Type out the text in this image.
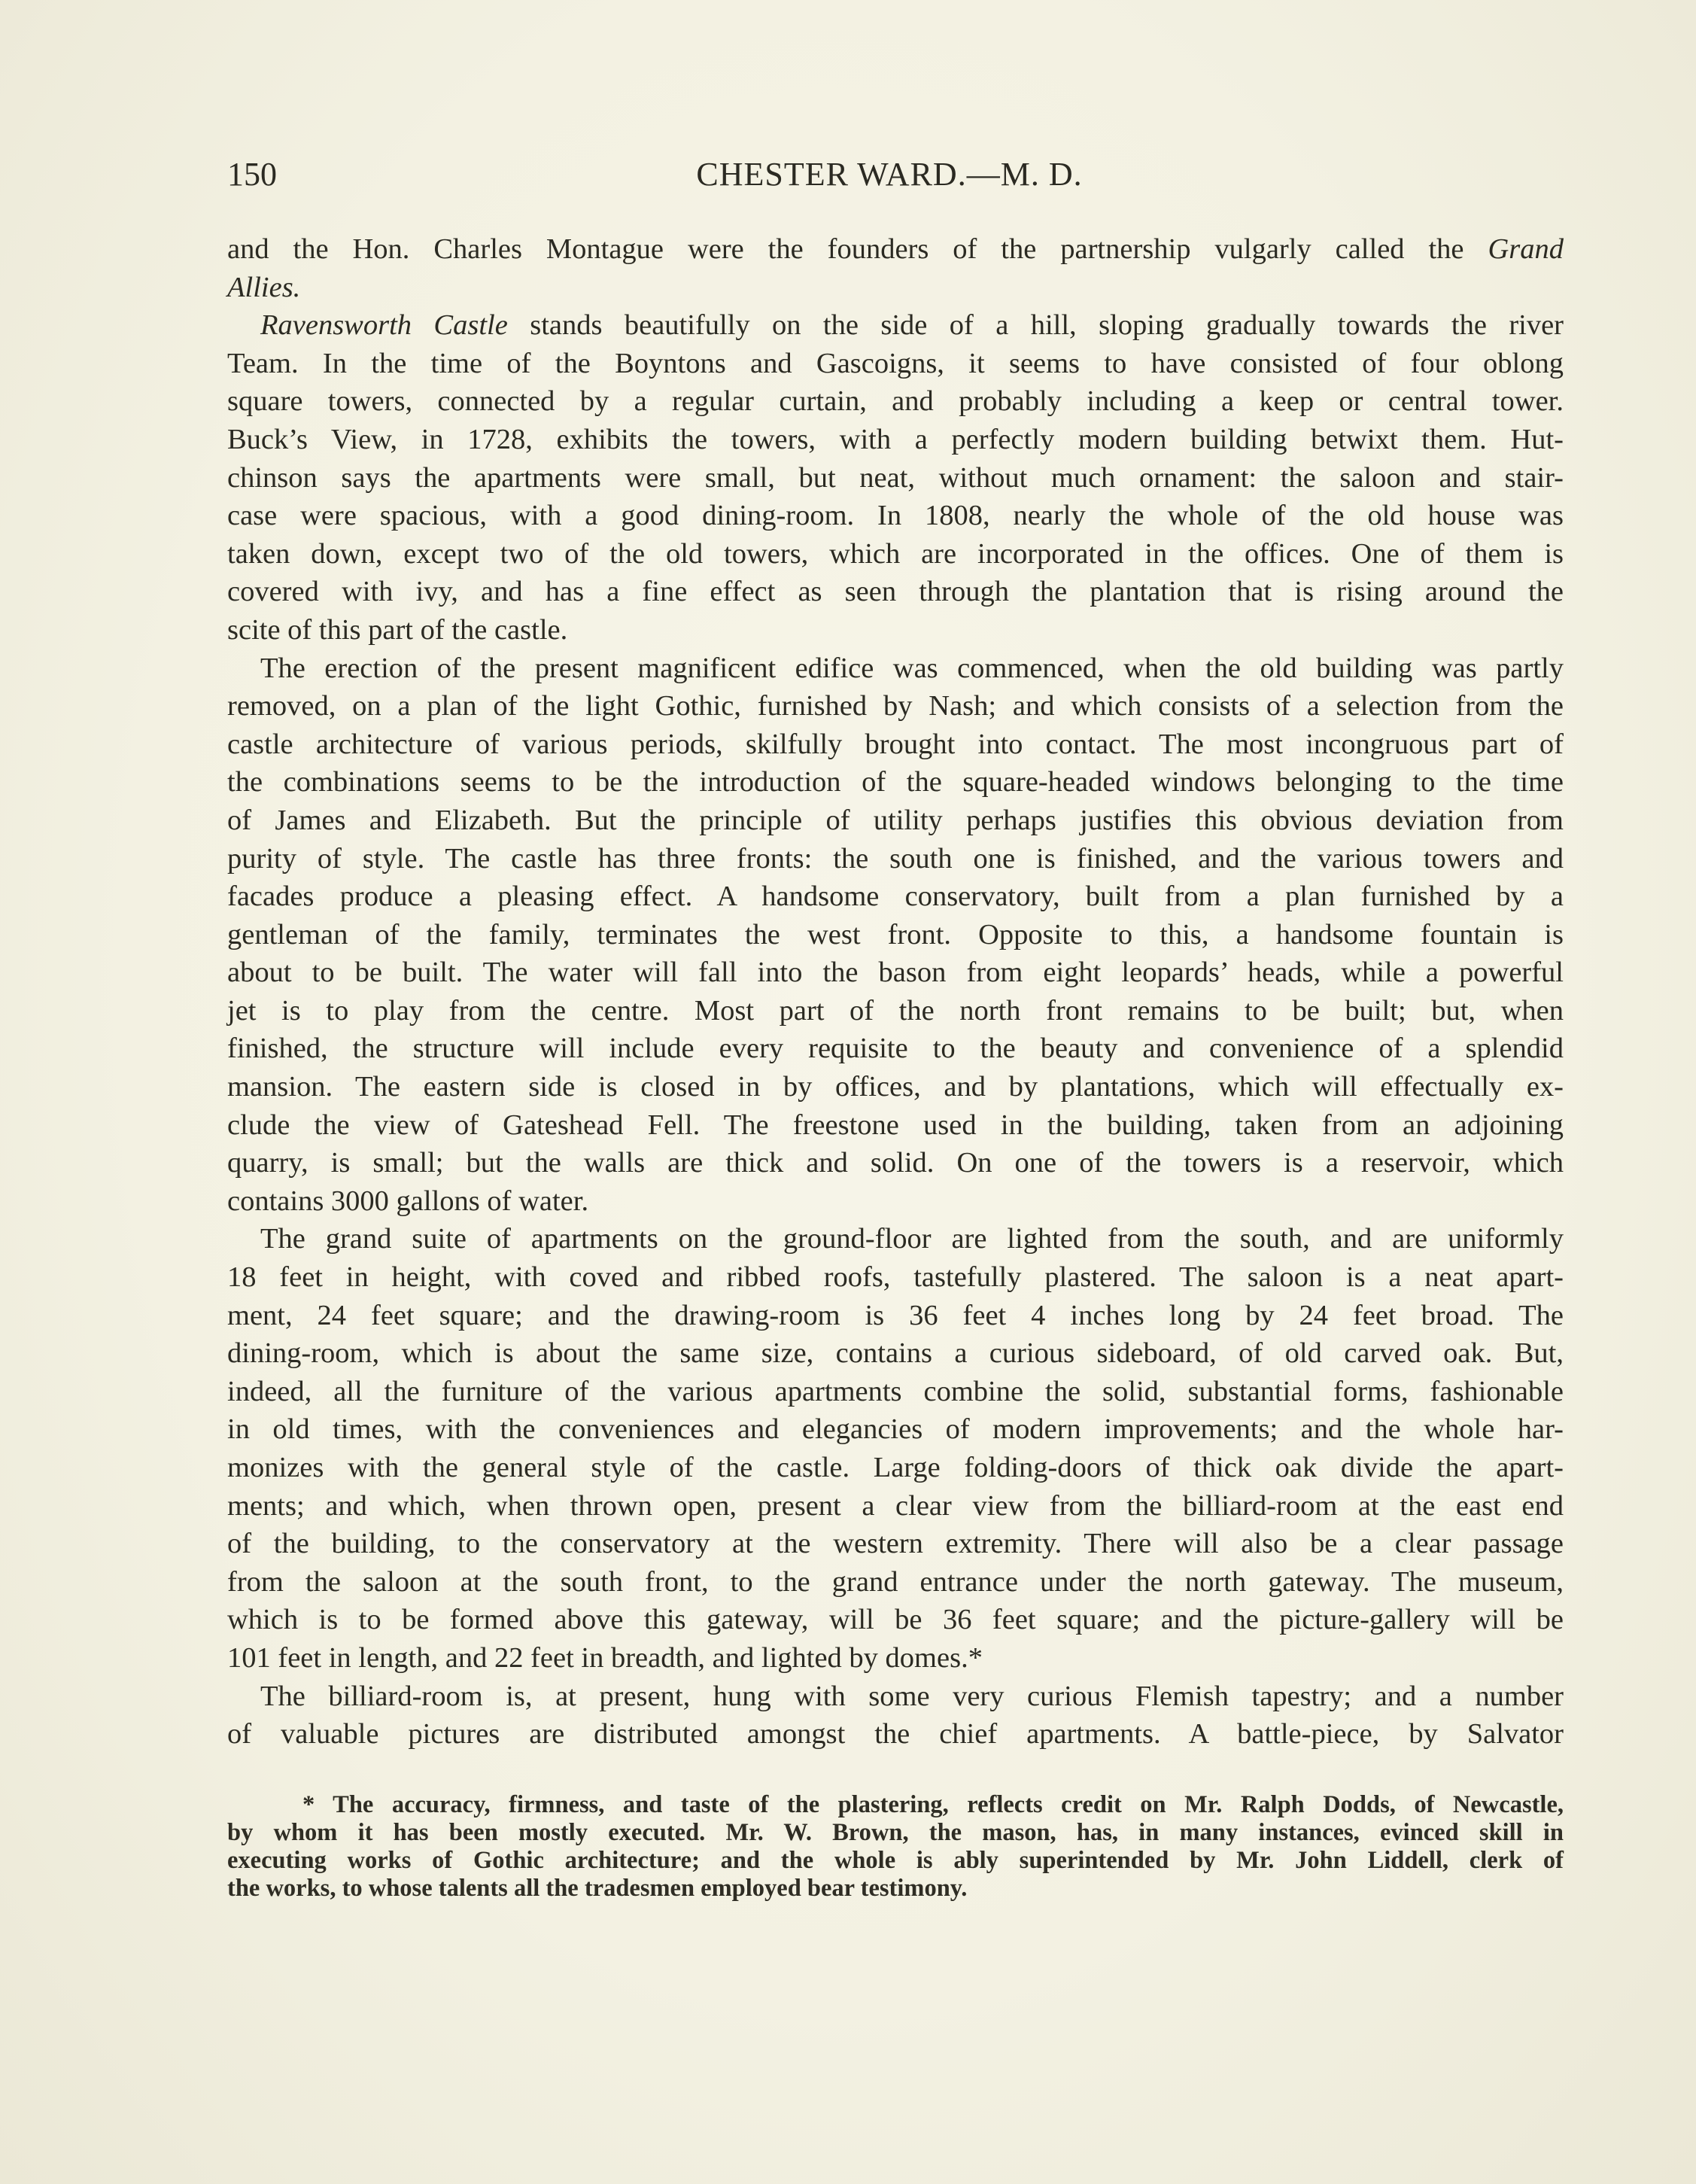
150	CHESTER WARD.—M. D.
and the Hon. Charles Montague were the founders of the partnership vulgarly called the Grand
Allies.
Ravensworth Castle stands beautifully on the side of a hill, sloping gradually towards the river
Team. In the time of the Boyntons and Gascoigns, it seems to have consisted of four oblong
square towers, connected by a regular curtain, and probably including a keep or central tower.
Buck’s View, in 1728, exhibits the towers, with a perfectly modern building betwixt them. Hut-
chinson says the apartments were small, but neat, without much ornament: the saloon and stair-
case were spacious, with a good dining-room. In 1808, nearly the whole of the old house was
taken down, except two of the old towers, which are incorporated in the offices. One of them is
covered with ivy, and has a fine effect as seen through the plantation that is rising around the
scite of this part of the castle.
The erection of the present magnificent edifice was commenced, when the old building was partly
removed, on a plan of the light Gothic, furnished by Nash; and which consists of a selection from the
castle architecture of various periods, skilfully brought into contact. The most incongruous part of
the combinations seems to be the introduction of the square-headed windows belonging to the time
of James and Elizabeth. But the principle of utility perhaps justifies this obvious deviation from
purity of style. The castle has three fronts: the south one is finished, and the various towers and
facades produce a pleasing effect. A handsome conservatory, built from a plan furnished by a
gentleman of the family, terminates the west front. Opposite to this, a handsome fountain is
about to be built. The water will fall into the bason from eight leopards’ heads, while a powerful
jet is to play from the centre. Most part of the north front remains to be built; but, when
finished, the structure will include every requisite to the beauty and convenience of a splendid
mansion. The eastern side is closed in by offices, and by plantations, which will effectually ex-
clude the view of Gateshead Fell. The freestone used in the building, taken from an adjoining
quarry, is small; but the walls are thick and solid. On one of the towers is a reservoir, which
contains 3000 gallons of water.
The grand suite of apartments on the ground-floor are lighted from the south, and are uniformly
18 feet in height, with coved and ribbed roofs, tastefully plastered. The saloon is a neat apart-
ment, 24 feet square; and the drawing-room is 36 feet 4 inches long by 24 feet broad. The
dining-room, which is about the same size, contains a curious sideboard, of old carved oak. But,
indeed, all the furniture of the various apartments combine the solid, substantial forms, fashionable
in old times, with the conveniences and elegancies of modern improvements; and the whole har-
monizes with the general style of the castle. Large folding-doors of thick oak divide the apart-
ments; and which, when thrown open, present a clear view from the billiard-room at the east end
of the building, to the conservatory at the western extremity. There will also be a clear passage
from the saloon at the south front, to the grand entrance under the north gateway. The museum,
which is to be formed above this gateway, will be 36 feet square; and the picture-gallery will be
101 feet in length, and 22 feet in breadth, and lighted by domes.*
The billiard-room is, at present, hung with some very curious Flemish tapestry; and a number
of valuable pictures are distributed amongst the chief apartments. A battle-piece, by Salvator
* The accuracy, firmness, and taste of the plastering, reflects credit on Mr. Ralph Dodds, of Newcastle,
by whom it has been mostly executed. Mr. W. Brown, the mason, has, in many instances, evinced skill in
executing works of Gothic architecture; and the whole is ably superintended by Mr. John Liddell, clerk of
the works, to whose talents all the tradesmen employed bear testimony.
